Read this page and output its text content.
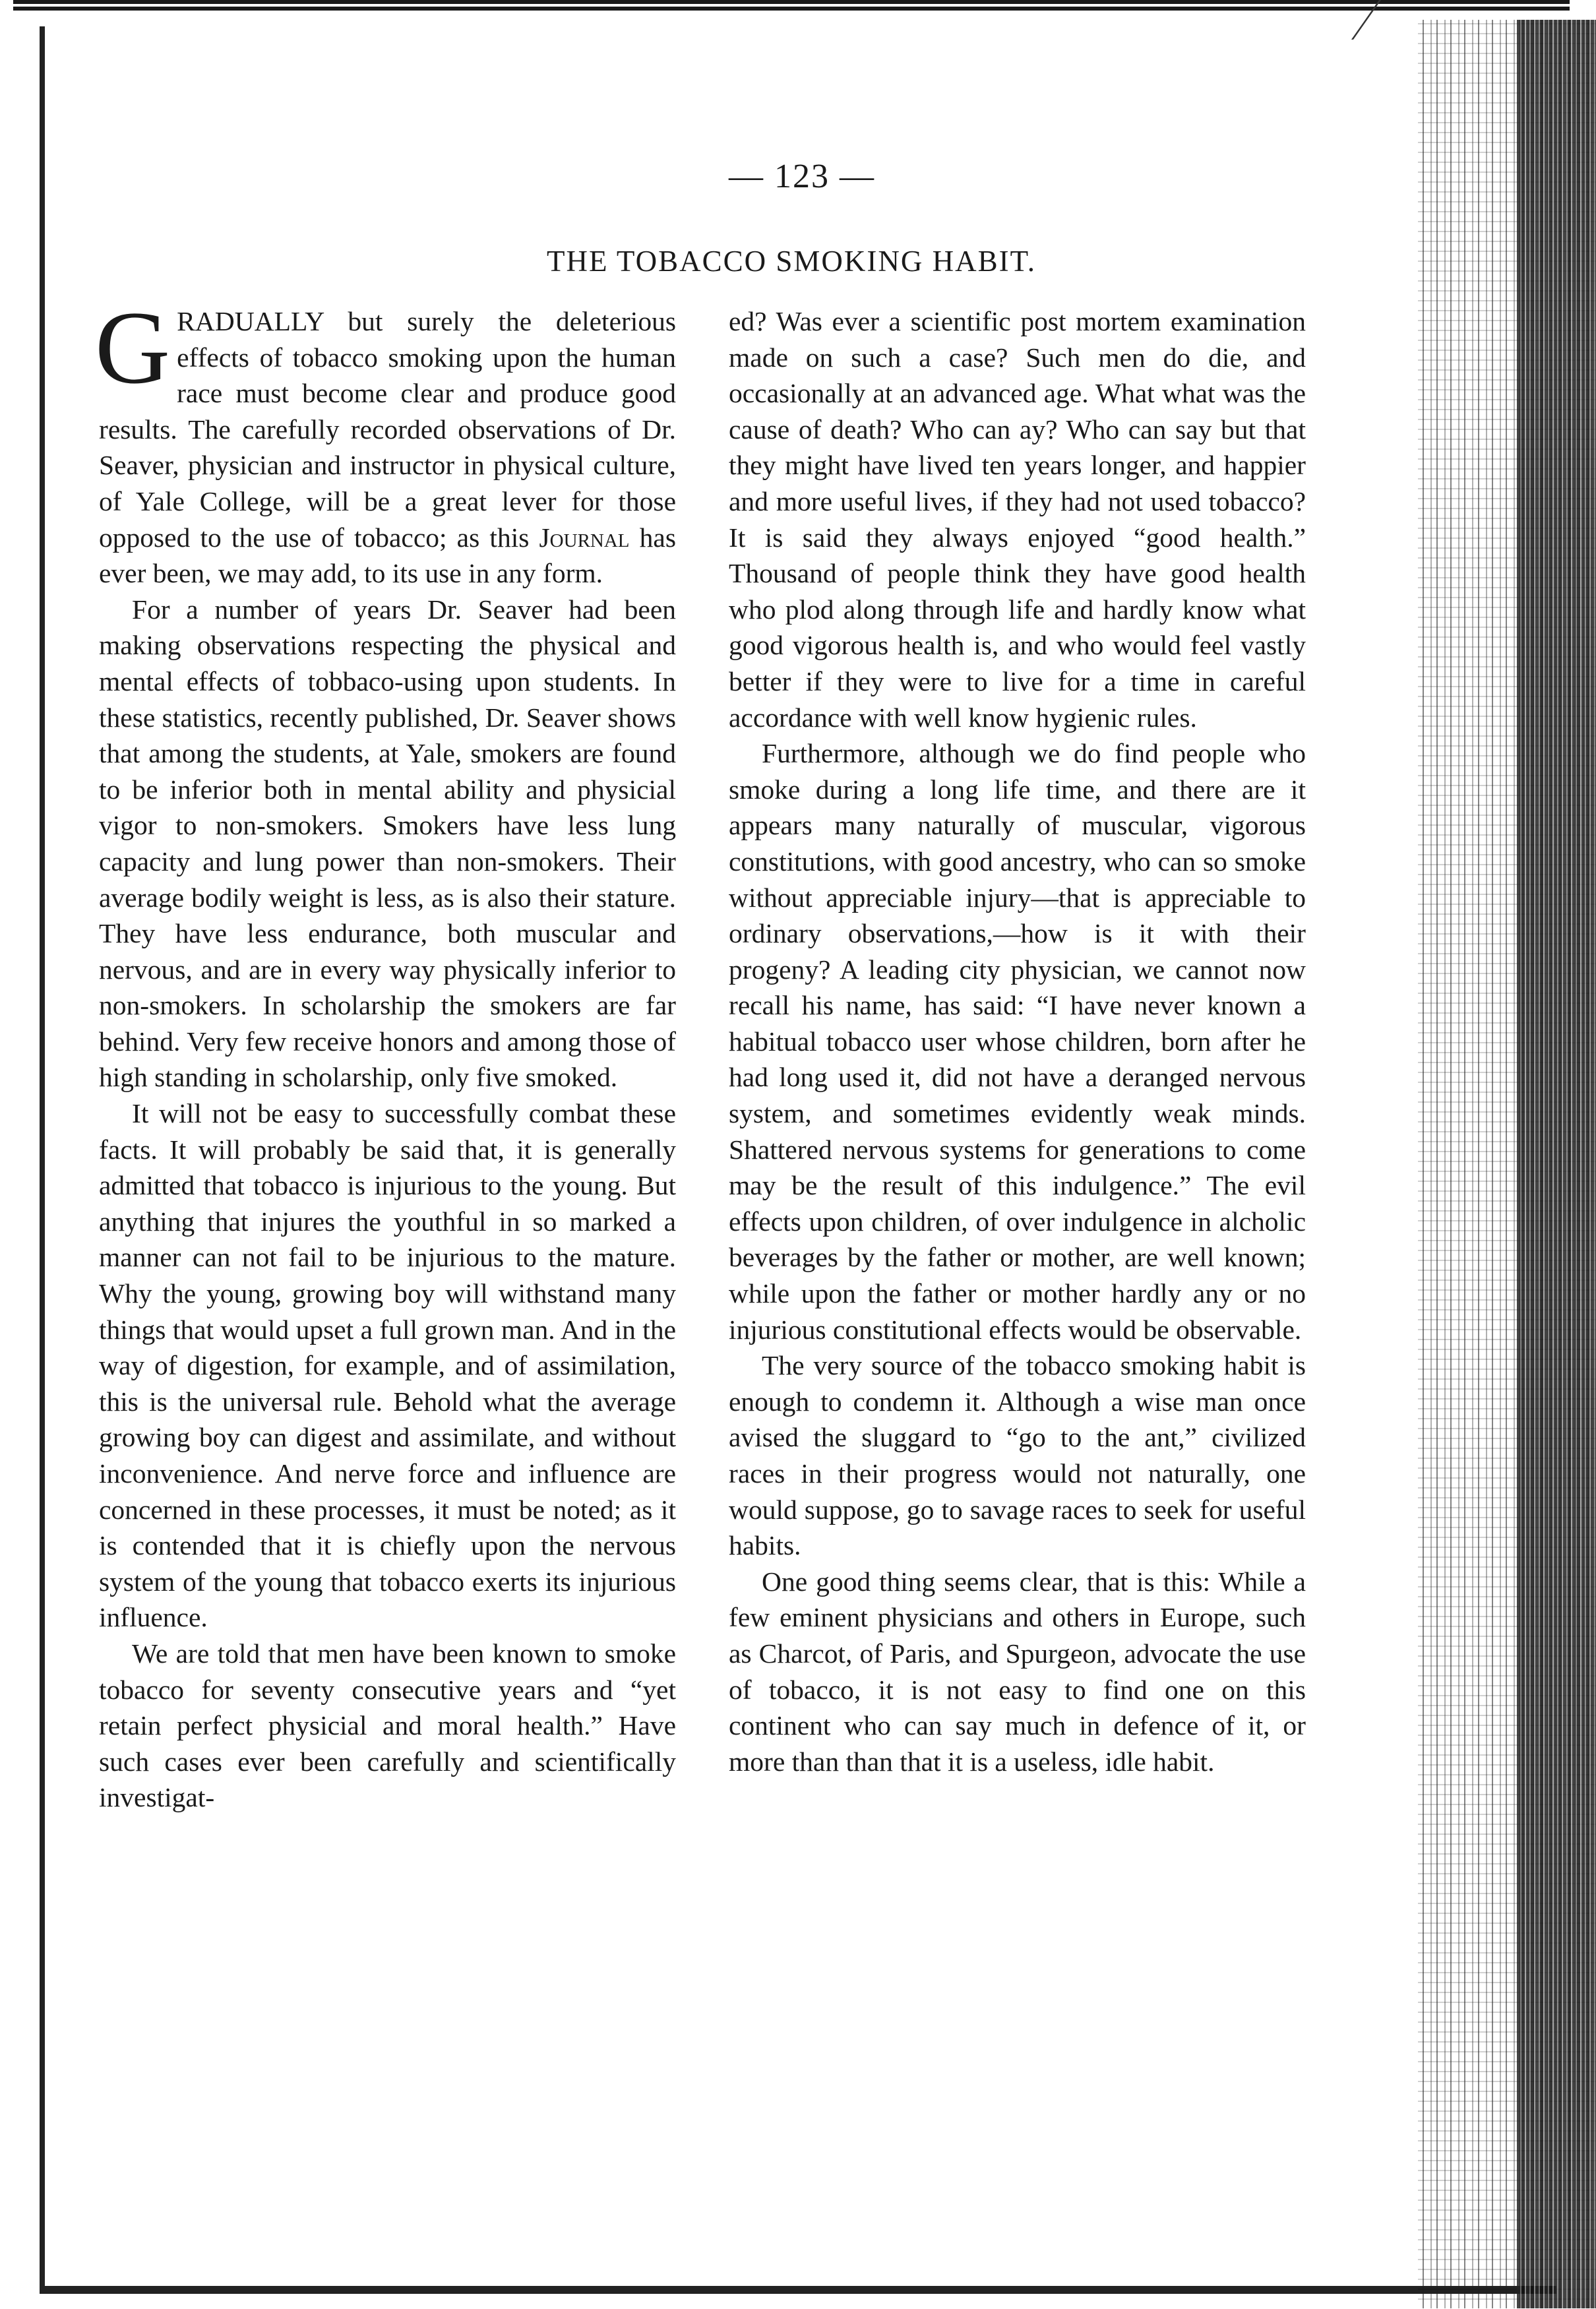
— 123 —
THE TOBACCO SMOKING HABIT.

GRADUALLY but surely the deleterious effects of tobacco smoking upon the human race must become clear and produce good results. The carefully recorded observations of Dr. Seaver, physician and instructor in physical culture, of Yale College, will be a great lever for those opposed to the use of tobacco; as this Journal has ever been, we may add, to its use in any form.

For a number of years Dr. Seaver had been making observations respecting the physical and mental effects of tobbaco-using upon students. In these statistics, recently published, Dr. Seaver shows that among the students, at Yale, smokers are found to be inferior both in mental ability and physicial vigor to non-smokers. Smokers have less lung capacity and lung power than non-smokers. Their average bodily weight is less, as is also their stature. They have less endurance, both muscular and nervous, and are in every way physically inferior to non-smokers. In scholarship the smokers are far behind. Very few receive honors and among those of high standing in scholarship, only five smoked.

It will not be easy to successfully combat these facts. It will probably be said that, it is generally admitted that tobacco is injurious to the young. But anything that injures the youthful in so marked a manner can not fail to be injurious to the mature. Why the young, growing boy will withstand many things that would upset a full grown man. And in the way of digestion, for example, and of assimilation, this is the universal rule. Behold what the average growing boy can digest and assimilate, and without inconvenience. And nerve force and influence are concerned in these processes, it must be noted; as it is contended that it is chiefly upon the nervous system of the young that tobacco exerts its injurious influence.

We are told that men have been known to smoke tobacco for seventy consecutive years and “yet retain perfect physicial and moral health.” Have such cases ever been carefully and scientifically investigat-

ed? Was ever a scientific post mortem examination made on such a case? Such men do die, and occasionally at an advanced age. What what was the cause of death? Who can ay? Who can say but that they might have lived ten years longer, and happier and more useful lives, if they had not used tobacco? It is said they always enjoyed “good health.” Thousand of people think they have good health who plod along through life and hardly know what good vigorous health is, and who would feel vastly better if they were to live for a time in careful accordance with well know hygienic rules.

Furthermore, although we do find people who smoke during a long life time, and there are it appears many naturally of muscular, vigorous constitutions, with good ancestry, who can so smoke without appreciable injury—that is appreciable to ordinary observations,—how is it with their progeny? A leading city physician, we cannot now recall his name, has said: “I have never known a habitual tobacco user whose children, born after he had long used it, did not have a deranged nervous system, and sometimes evidently weak minds. Shattered nervous systems for generations to come may be the result of this indulgence.” The evil effects upon children, of over indulgence in alcholic beverages by the father or mother, are well known; while upon the father or mother hardly any or no injurious constitutional effects would be observable.

The very source of the tobacco smoking habit is enough to condemn it. Although a wise man once avised the sluggard to “go to the ant,” civilized races in their progress would not naturally, one would suppose, go to savage races to seek for useful habits.

One good thing seems clear, that is this: While a few eminent physicians and others in Europe, such as Charcot, of Paris, and Spurgeon, advocate the use of tobacco, it is not easy to find one on this continent who can say much in defence of it, or more than than that it is a useless, idle habit.
